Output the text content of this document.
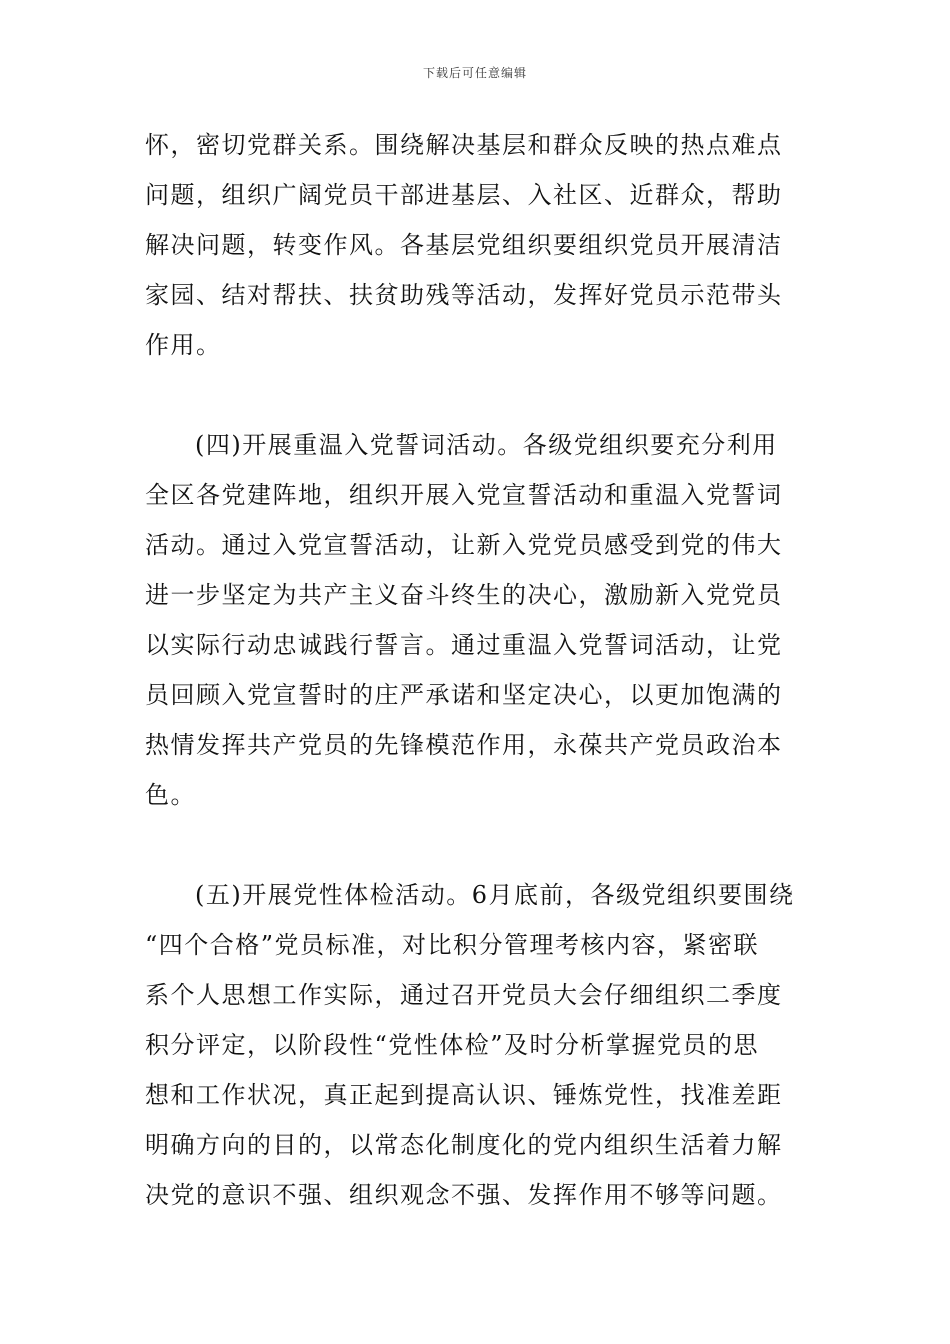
下载后可任意编辑
怀，密切党群关系。围绕解决基层和群众反映的热点难点
问题，组织广阔党员干部进基层、入社区、近群众，帮助
解决问题，转变作风。各基层党组织要组织党员开展清洁
家园、结对帮扶、扶贫助残等活动，发挥好党员示范带头
作用。
(四)开展重温入党誓词活动。各级党组织要充分利用
全区各党建阵地，组织开展入党宣誓活动和重温入党誓词
活动。通过入党宣誓活动，让新入党党员感受到党的伟大
进一步坚定为共产主义奋斗终生的决心，激励新入党党员
以实际行动忠诚践行誓言。通过重温入党誓词活动，让党
员回顾入党宣誓时的庄严承诺和坚定决心，以更加饱满的
热情发挥共产党员的先锋模范作用，永葆共产党员政治本
色。
(五)开展党性体检活动。6月底前，各级党组织要围绕
“四个合格”党员标准，对比积分管理考核内容，紧密联
系个人思想工作实际，通过召开党员大会仔细组织二季度
积分评定，以阶段性“党性体检”及时分析掌握党员的思
想和工作状况，真正起到提高认识、锤炼党性，找准差距
明确方向的目的，以常态化制度化的党内组织生活着力解
决党的意识不强、组织观念不强、发挥作用不够等问题。
